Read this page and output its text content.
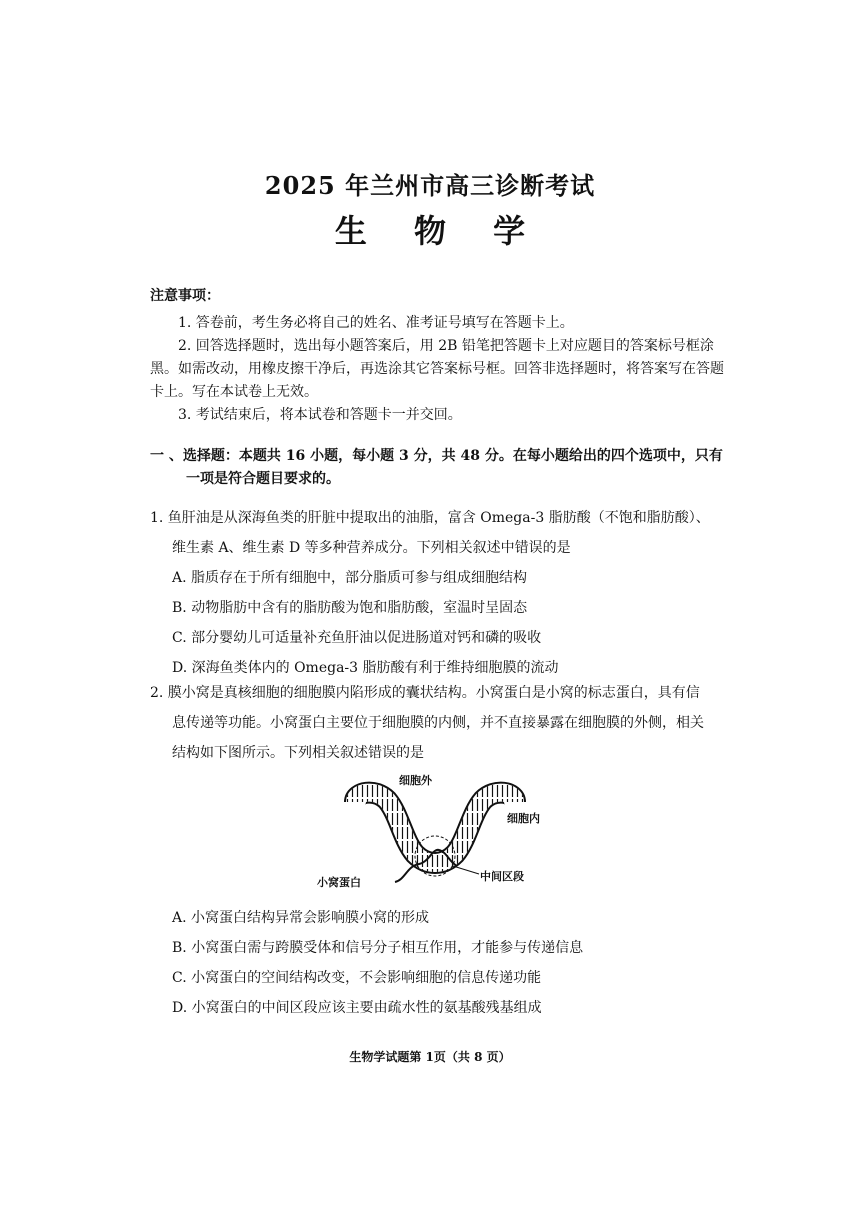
2025 年兰州市高三诊断考试
生 物 学
注意事项：
1. 答卷前，考生务必将自己的姓名、准考证号填写在答题卡上。
2. 回答选择题时，选出每小题答案后，用 2B 铅笔把答题卡上对应题目的答案标号框涂黑。如需改动，用橡皮擦干净后，再选涂其它答案标号框。回答非选择题时，将答案写在答题卡上。写在本试卷上无效。
3. 考试结束后，将本试卷和答题卡一并交回。
一 、选择题：本题共 16 小题，每小题 3 分，共 48 分。在每小题给出的四个选项中，只有
一项是符合题目要求的。
1. 鱼肝油是从深海鱼类的肝脏中提取出的油脂，富含 Omega-3 脂肪酸（不饱和脂肪酸）、
维生素 A、维生素 D 等多种营养成分。下列相关叙述中错误的是
A. 脂质存在于所有细胞中，部分脂质可参与组成细胞结构
B. 动物脂肪中含有的脂肪酸为饱和脂肪酸，室温时呈固态
C. 部分婴幼儿可适量补充鱼肝油以促进肠道对钙和磷的吸收
D. 深海鱼类体内的 Omega-3 脂肪酸有利于维持细胞膜的流动
2. 膜小窝是真核细胞的细胞膜内陷形成的囊状结构。小窝蛋白是小窝的标志蛋白，具有信
息传递等功能。小窝蛋白主要位于细胞膜的内侧，并不直接暴露在细胞膜的外侧，相关
结构如下图所示。下列相关叙述错误的是
细胞外
细胞内
小窝蛋白	中间区段
A. 小窝蛋白结构异常会影响膜小窝的形成
B. 小窝蛋白需与跨膜受体和信号分子相互作用，才能参与传递信息
C. 小窝蛋白的空间结构改变，不会影响细胞的信息传递功能
D. 小窝蛋白的中间区段应该主要由疏水性的氨基酸残基组成
生物学试题第 1页（共 8 页）
